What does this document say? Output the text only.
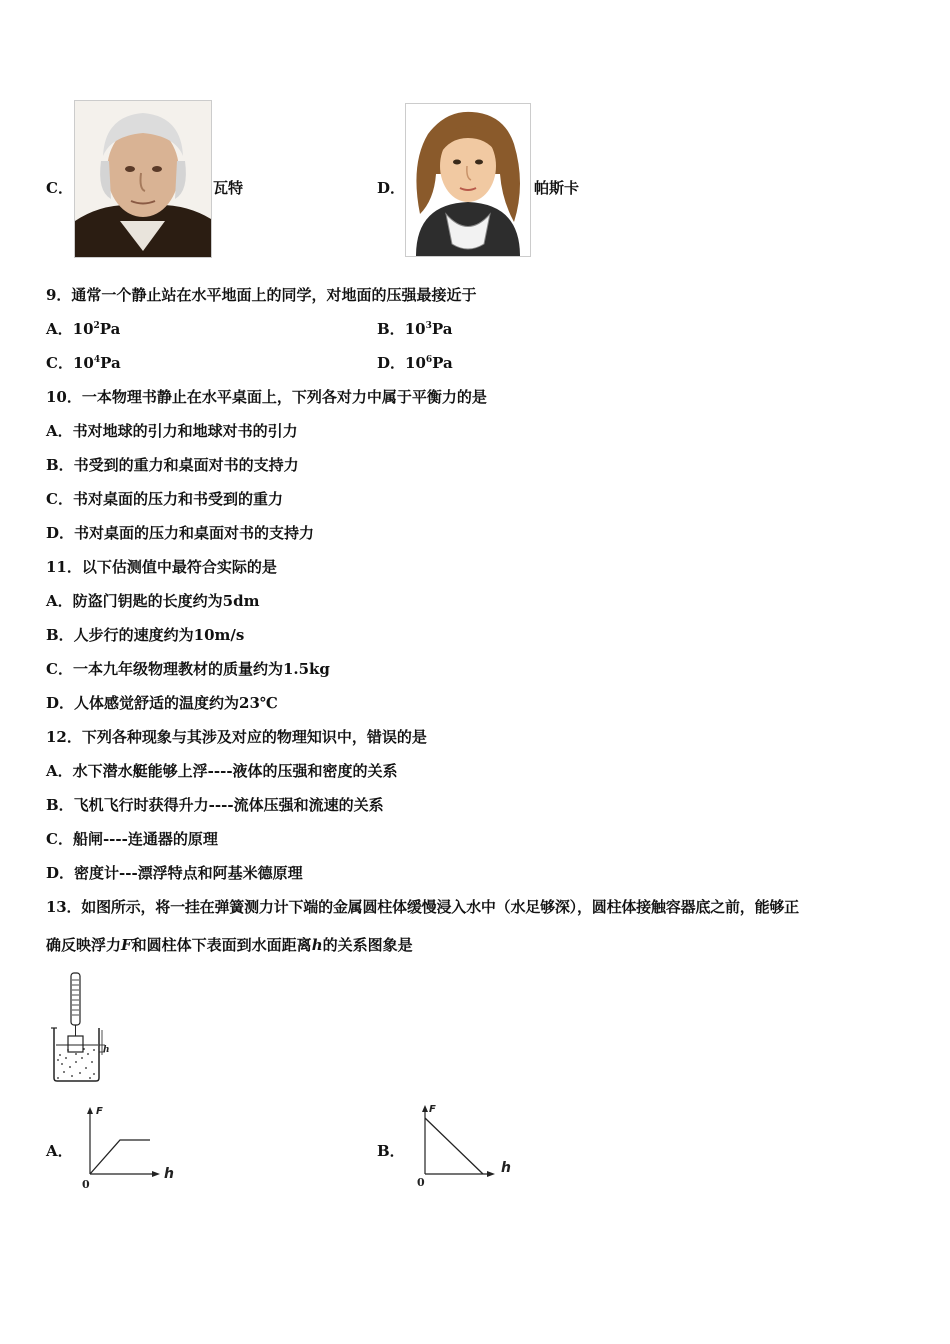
C．	瓦特	D．	帕斯卡
9．通常一个静止站在水平地面上的同学，对地面的压强最接近于
A．$10^2Pa$	B．$10^3Pa$
C．$10^4Pa$	D．$10^6Pa$
10．一本物理书静止在水平桌面上，下列各对力中属于平衡力的是
A．书对地球的引力和地球对书的引力
B．书受到的重力和桌面对书的支持力
C．书对桌面的压力和书受到的重力
D．书对桌面的压力和桌面对书的支持力
11．以下估测值中最符合实际的是
A．防盗门钥匙的长度约为5dm
B．人步行的速度约为10m/s
C．一本九年级物理教材的质量约为1.5kg
D．人体感觉舒适的温度约为23℃
12．下列各种现象与其涉及对应的物理知识中，错误的是
A．水下潜水艇能够上浮----液体的压强和密度的关系
B．飞机飞行时获得升力----流体压强和流速的关系
C．船闸----连通器的原理
D．密度计---漂浮特点和阿基米德原理
13．如图所示，将一挂在弹簧测力计下端的金属圆柱体缓慢浸入水中（水足够深），圆柱体接触容器底之前，能够正
确反映浮力F和圆柱体下表面到水面距离h的关系图象是
h
A．
F
h
0
B．
F
h
0
